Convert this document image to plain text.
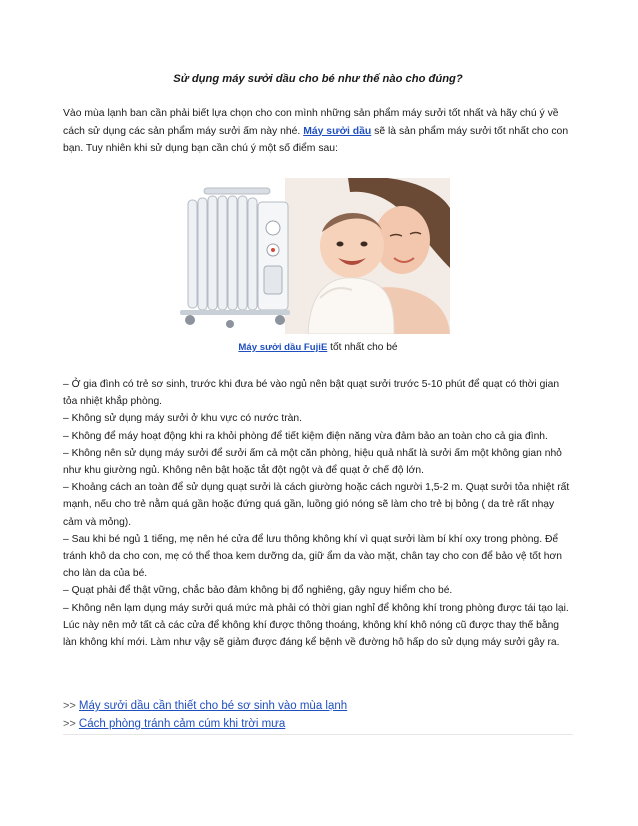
Sử dụng máy sưởi dầu cho bé như thế nào cho đúng?
Vào mùa lạnh ban cần phải biết lựa chọn cho con mình những sản phẩm máy sưởi tốt nhất và hãy chú ý về cách sử dụng các sản phẩm máy sưởi ấm này nhé. Máy sưởi dầu sẽ là sản phẩm máy sưởi tốt nhất cho con bạn. Tuy nhiên khi sử dụng bạn cần chú ý một số điểm sau:
Máy sưởi dầu FujiE tốt nhất cho bé

– Ở gia đình có trẻ sơ sinh, trước khi đưa bé vào ngủ nên bật quạt sưởi trước 5-10 phút để quạt có thời gian tỏa nhiệt khắp phòng.

– Không sử dụng máy sưởi ở khu vực có nước tràn.

– Không để máy hoạt động khi ra khỏi phòng để tiết kiệm điện năng vừa đảm bảo an toàn cho cả gia đình.

– Không nên sử dụng máy sưởi để sưởi ấm cả một căn phòng, hiệu quả nhất là sưởi ấm một không gian nhỏ như khu giường ngủ. Không nên bật hoặc tắt đột ngột và để quạt ở chế độ lớn.

– Khoảng cách an toàn để sử dụng quạt sưởi là cách giường hoặc cách người 1,5-2 m. Quạt sưởi tỏa nhiệt rất mạnh, nếu cho trẻ nằm quá gần hoặc đứng quá gần, luồng gió nóng sẽ làm cho trẻ bị bỏng ( da trẻ rất nhạy cảm và mỏng).

– Sau khi bé ngủ 1 tiếng, mẹ nên hé cửa để lưu thông không khí vì quạt sưởi làm bí khí oxy trong phòng. Để tránh khô da cho con, mẹ có thể thoa kem dưỡng da, giữ ẩm da vào mặt, chân tay cho con để bảo vệ tốt hơn cho làn da của bé.

– Quạt phải để thật vững, chắc bảo đảm không bị đổ nghiêng, gây nguy hiểm cho bé.

– Không nên lạm dụng máy sưởi quá mức mà phải có thời gian nghỉ để không khí trong phòng được tái tạo lại. Lúc này nên mở tất cả các cửa để không khí được thông thoáng, không khí khô nóng cũ được thay thế bằng làn không khí mới. Làm như vậy sẽ giảm được đáng kể bệnh về đường hô hấp do sử dụng máy sưởi gây ra.

>> Máy sưởi dầu cần thiết cho bé sơ sinh vào mùa lạnh
>> Cách phòng tránh cảm cúm khi trời mưa
